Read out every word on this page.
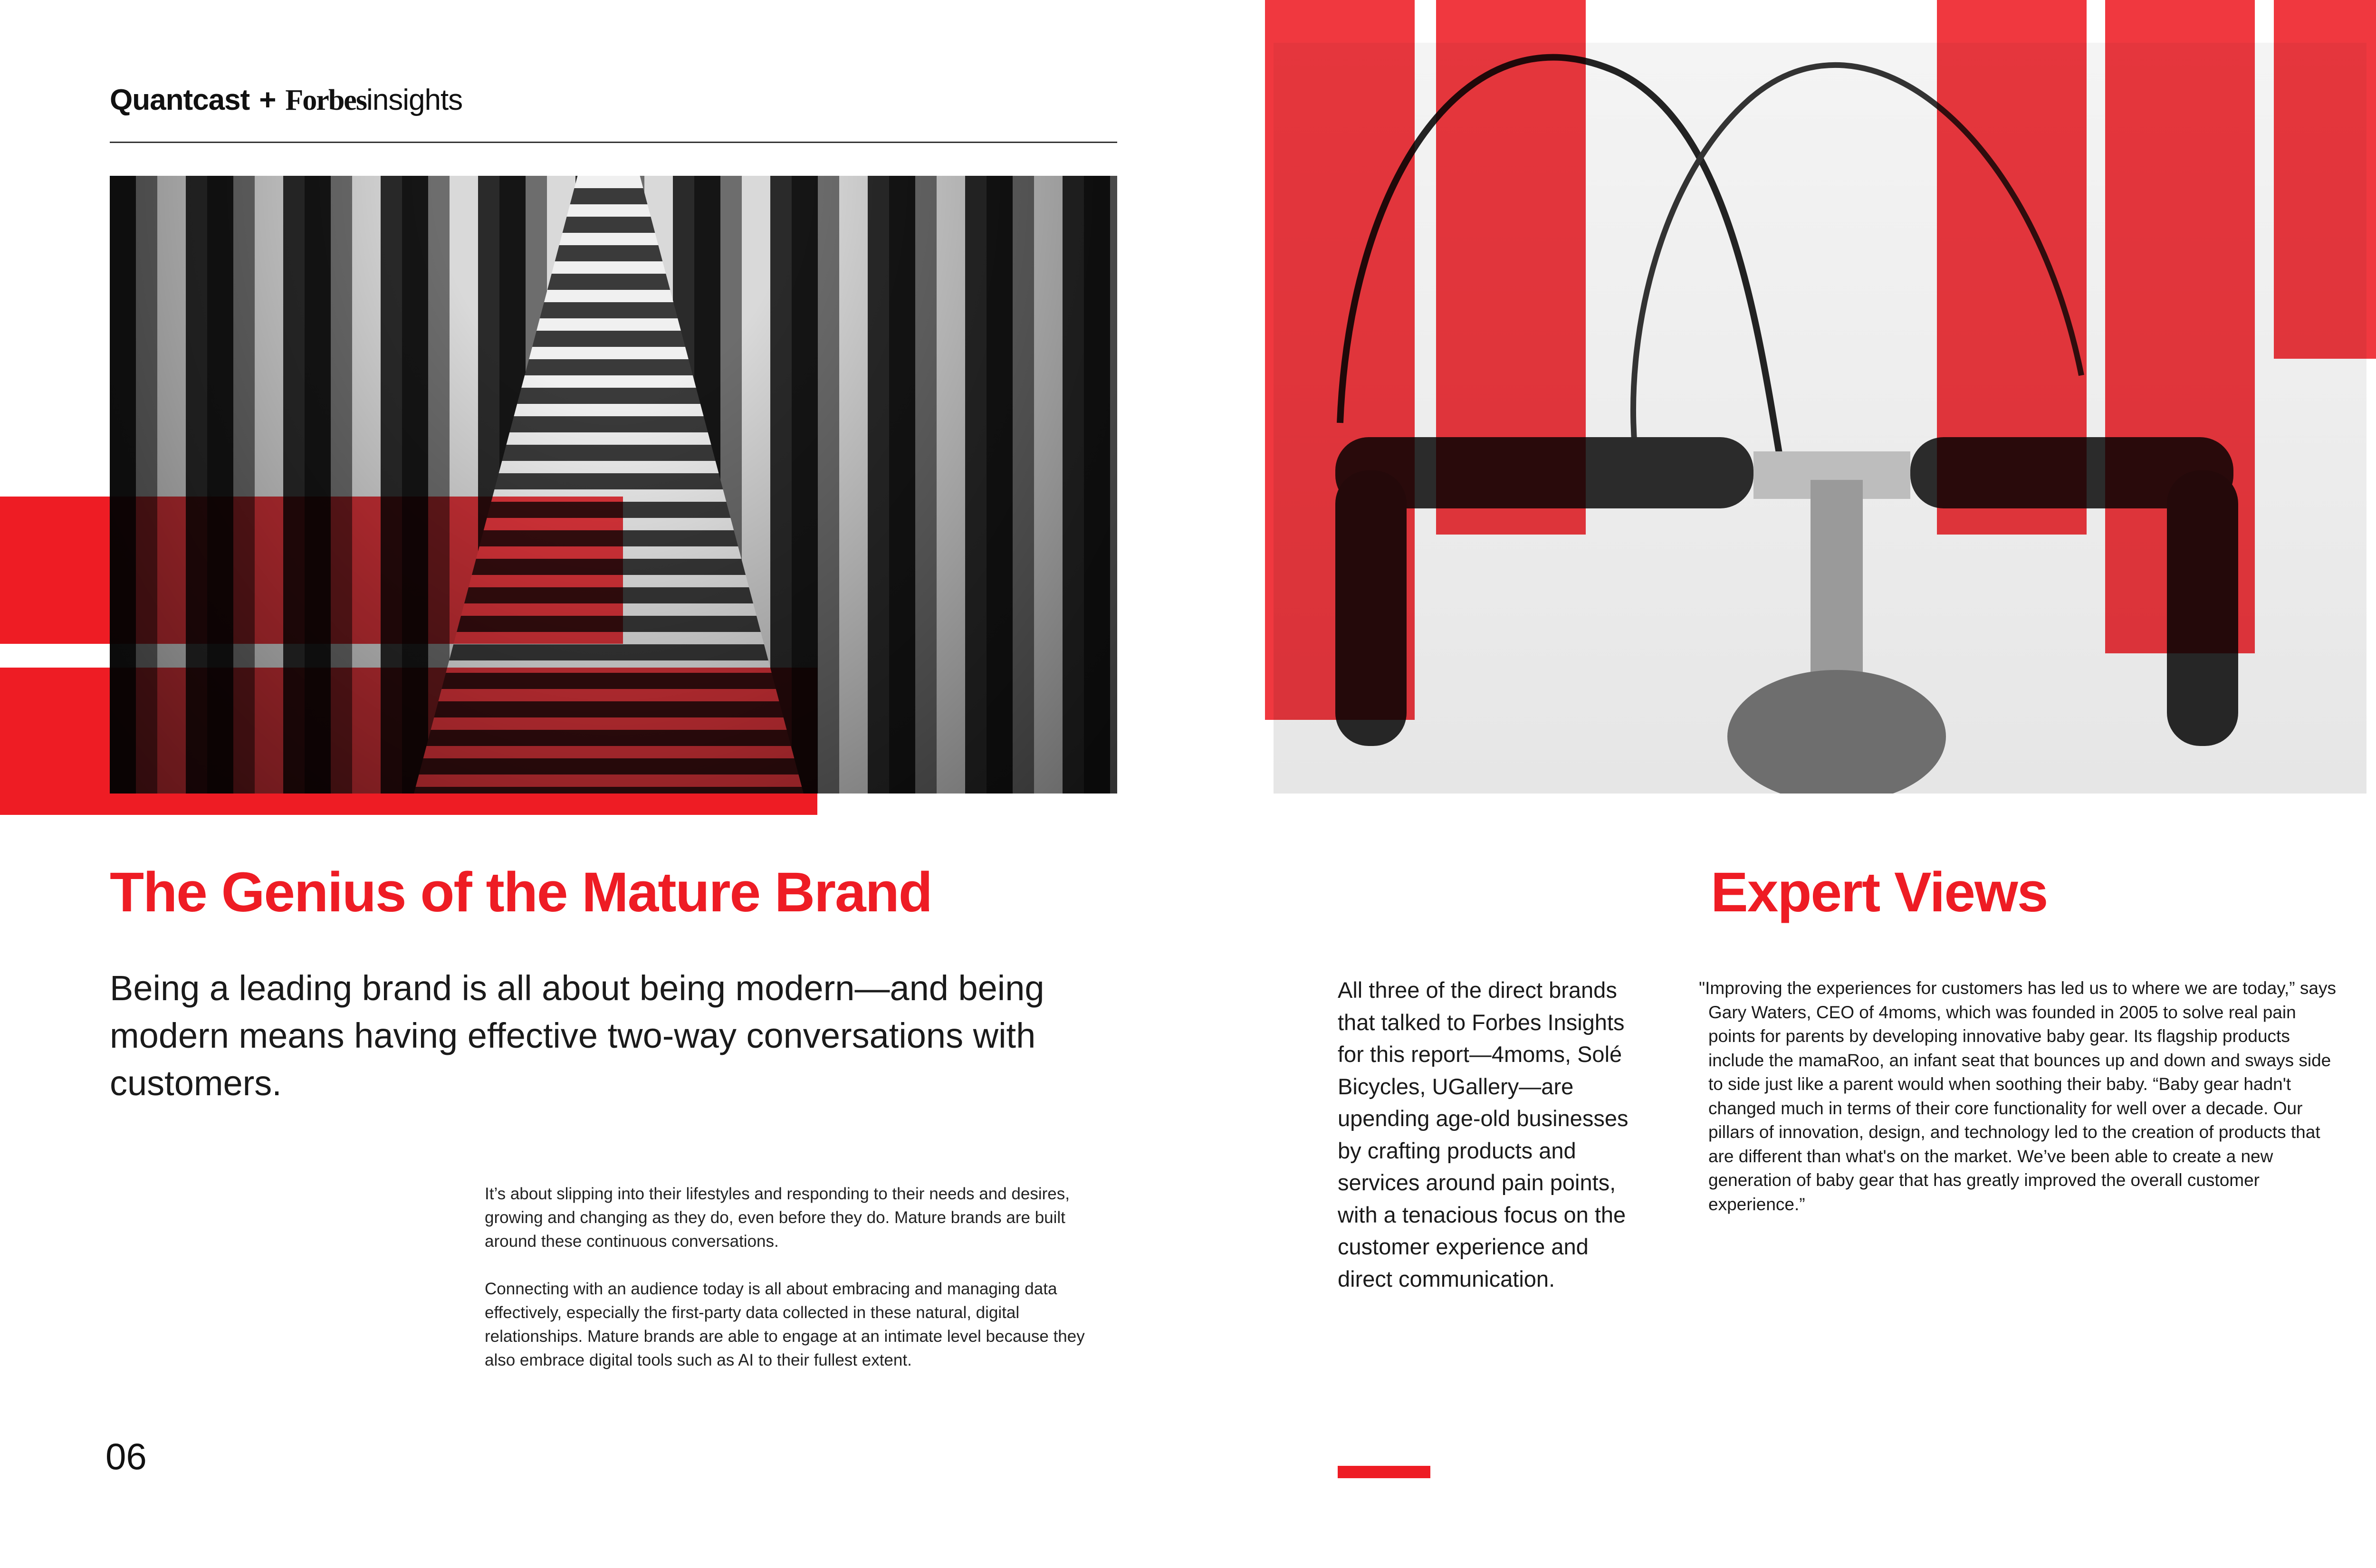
Quantcast + Forbesinsights
The Genius of the Mature Brand
Being a leading brand is all about being modern—and being modern means having effective two-way conversations with customers.
It’s about slipping into their lifestyles and responding to their needs and desires, growing and changing as they do, even before they do. Mature brands are built around these continuous conversations.
Connecting with an audience today is all about embracing and managing data effectively, especially the first-party data collected in these natural, digital relationships. Mature brands are able to engage at an intimate level because they also embrace digital tools such as AI to their fullest extent.
06
Expert Views
All three of the direct brands that talked to Forbes Insights for this report—4moms, Solé Bicycles, UGallery—are upending age-old businesses by crafting products and services around pain points, with a tenacious focus on the customer experience and direct communication.
"Improving the experiences for customers has led us to where we are today,” says Gary Waters, CEO of 4moms, which was founded in 2005 to solve real pain points for parents by developing innovative baby gear. Its flagship products include the mamaRoo, an infant seat that bounces up and down and sways side to side just like a parent would when soothing their baby. “Baby gear hadn't changed much in terms of their core functionality for well over a decade. Our pillars of innovation, design, and technology led to the creation of products that are different than what's on the market. We’ve been able to create a new generation of baby gear that has greatly improved the overall customer experience.”
